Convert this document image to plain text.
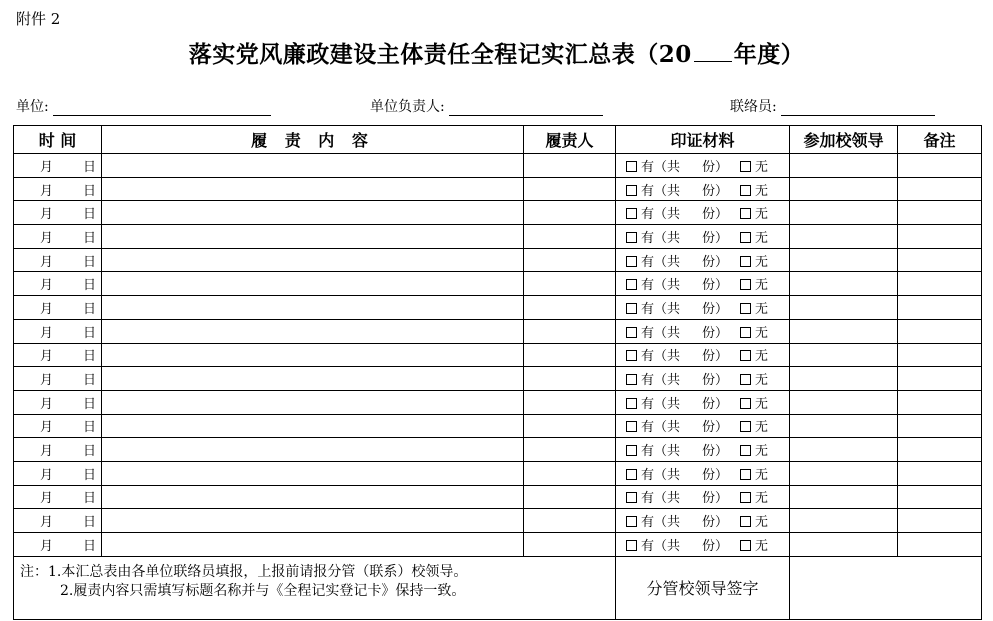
附件 2
落实党风廉政建设主体责任全程记实汇总表（20 年度）
单位:	单位负责人:	联络员:
时 间	履 责 内 容	履责人	印证材料	参加校领导	备注
月 日			有（共 份） 无		
月 日			有（共 份） 无		
月 日			有（共 份） 无		
月 日			有（共 份） 无		
月 日			有（共 份） 无		
月 日			有（共 份） 无		
月 日			有（共 份） 无		
月 日			有（共 份） 无		
月 日			有（共 份） 无		
月 日			有（共 份） 无		
月 日			有（共 份） 无		
月 日			有（共 份） 无		
月 日			有（共 份） 无		
月 日			有（共 份） 无		
月 日			有（共 份） 无		
月 日			有（共 份） 无		
月 日			有（共 份） 无		

注：1.本汇总表由各单位联络员填报，上报前请报分管（联系）校领导。
2.履责内容只需填写标题名称并与《全程记实登记卡》保持一致。			分管校领导签字		
